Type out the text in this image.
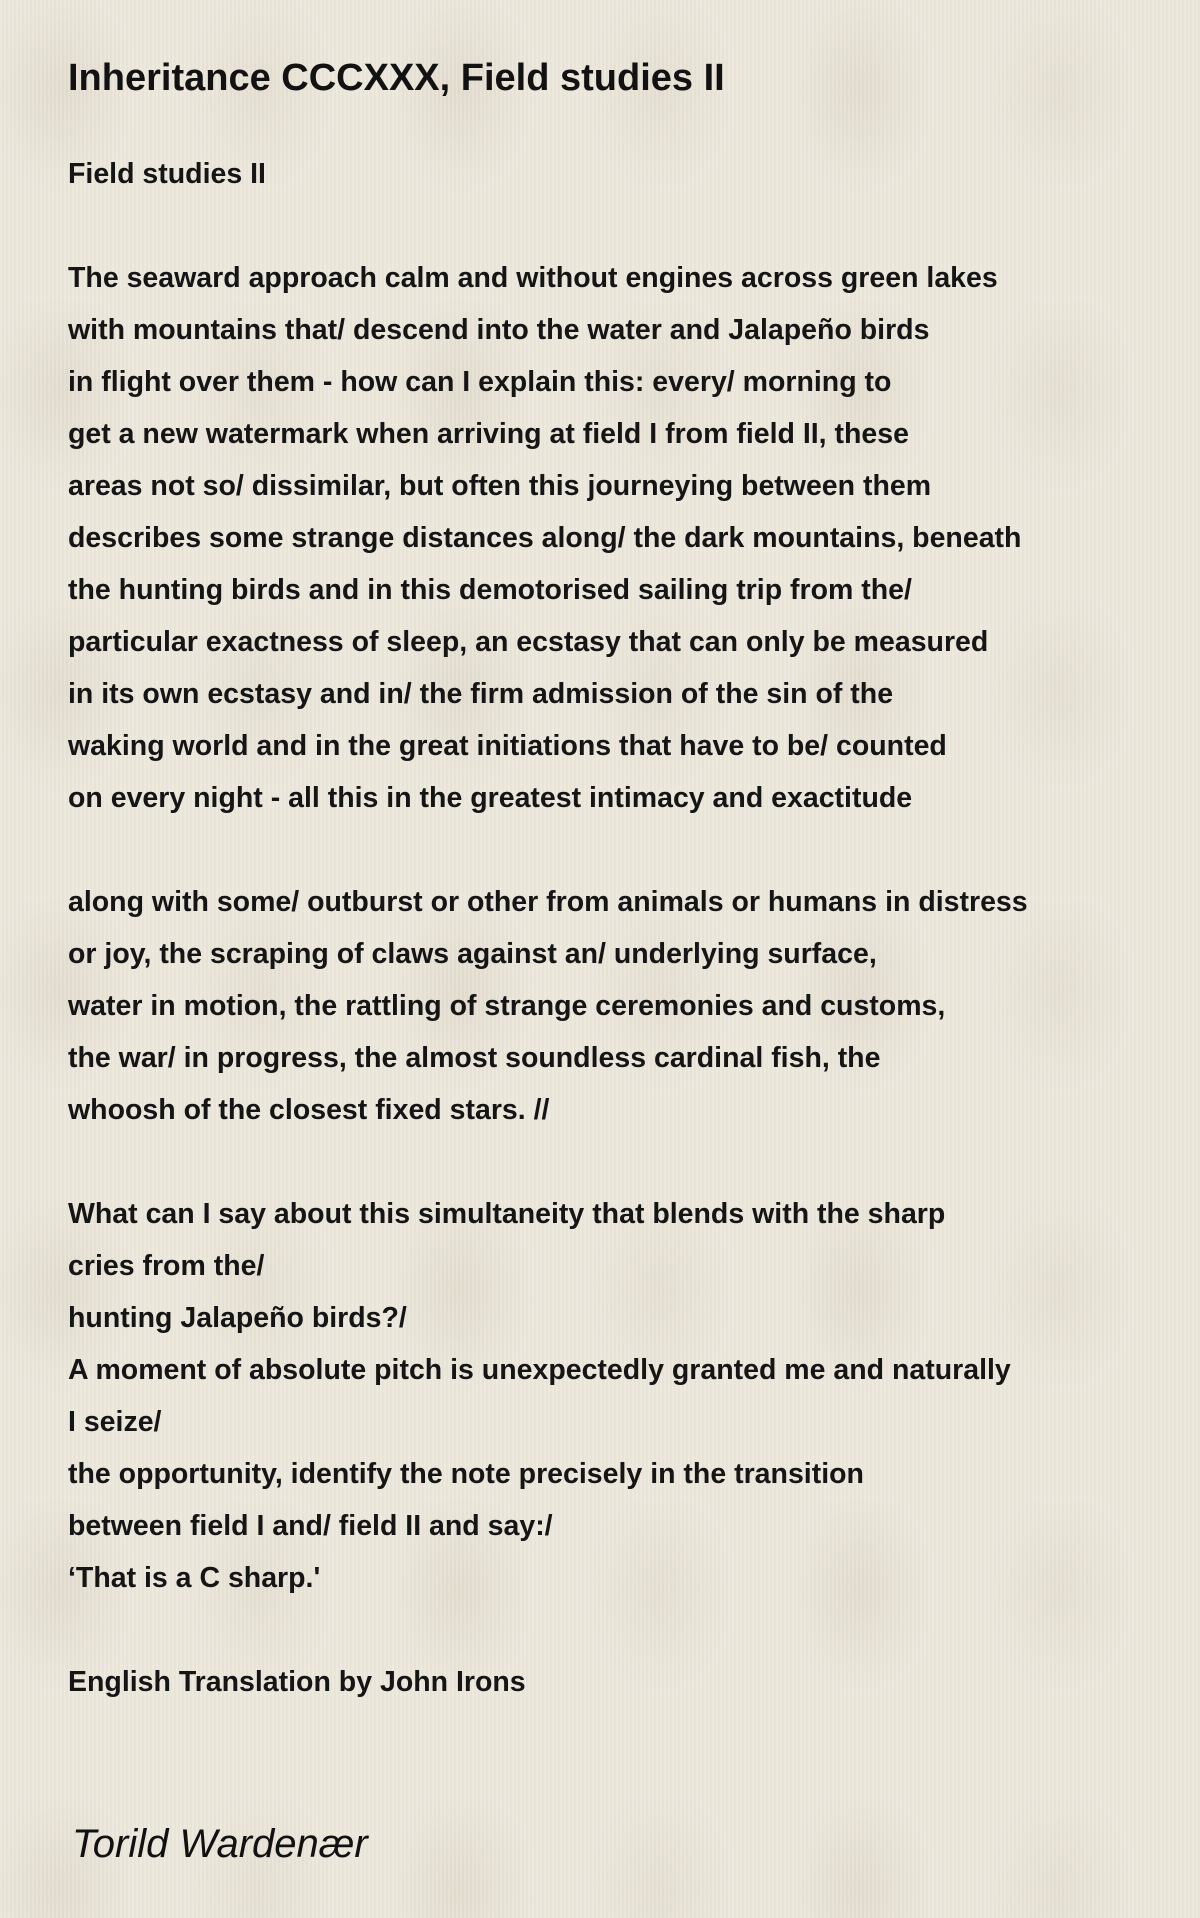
Inheritance CCCXXX, Field studies II
Field studies II
The seaward approach calm and without engines across green lakes
with mountains that/ descend into the water and Jalapeño birds
in flight over them - how can I explain this: every/ morning to
get a new watermark when arriving at field I from field II, these
areas not so/ dissimilar, but often this journeying between them
describes some strange distances along/ the dark mountains, beneath
the hunting birds and in this demotorised sailing trip from the/
particular exactness of sleep, an ecstasy that can only be measured
in its own ecstasy and in/ the firm admission of the sin of the
waking world and in the great initiations that have to be/ counted
on every night - all this in the greatest intimacy and exactitude
along with some/ outburst or other from animals or humans in distress
or joy, the scraping of claws against an/ underlying surface,
water in motion, the rattling of strange ceremonies and customs,
the war/ in progress, the almost soundless cardinal fish, the
whoosh of the closest fixed stars. //
What can I say about this simultaneity that blends with the sharp
cries from the/
hunting Jalapeño birds?/
A moment of absolute pitch is unexpectedly granted me and naturally
I seize/
the opportunity, identify the note precisely in the transition
between field I and/ field II and say:/
‘That is a C sharp.'
English Translation by John Irons
Torild Wardenær
